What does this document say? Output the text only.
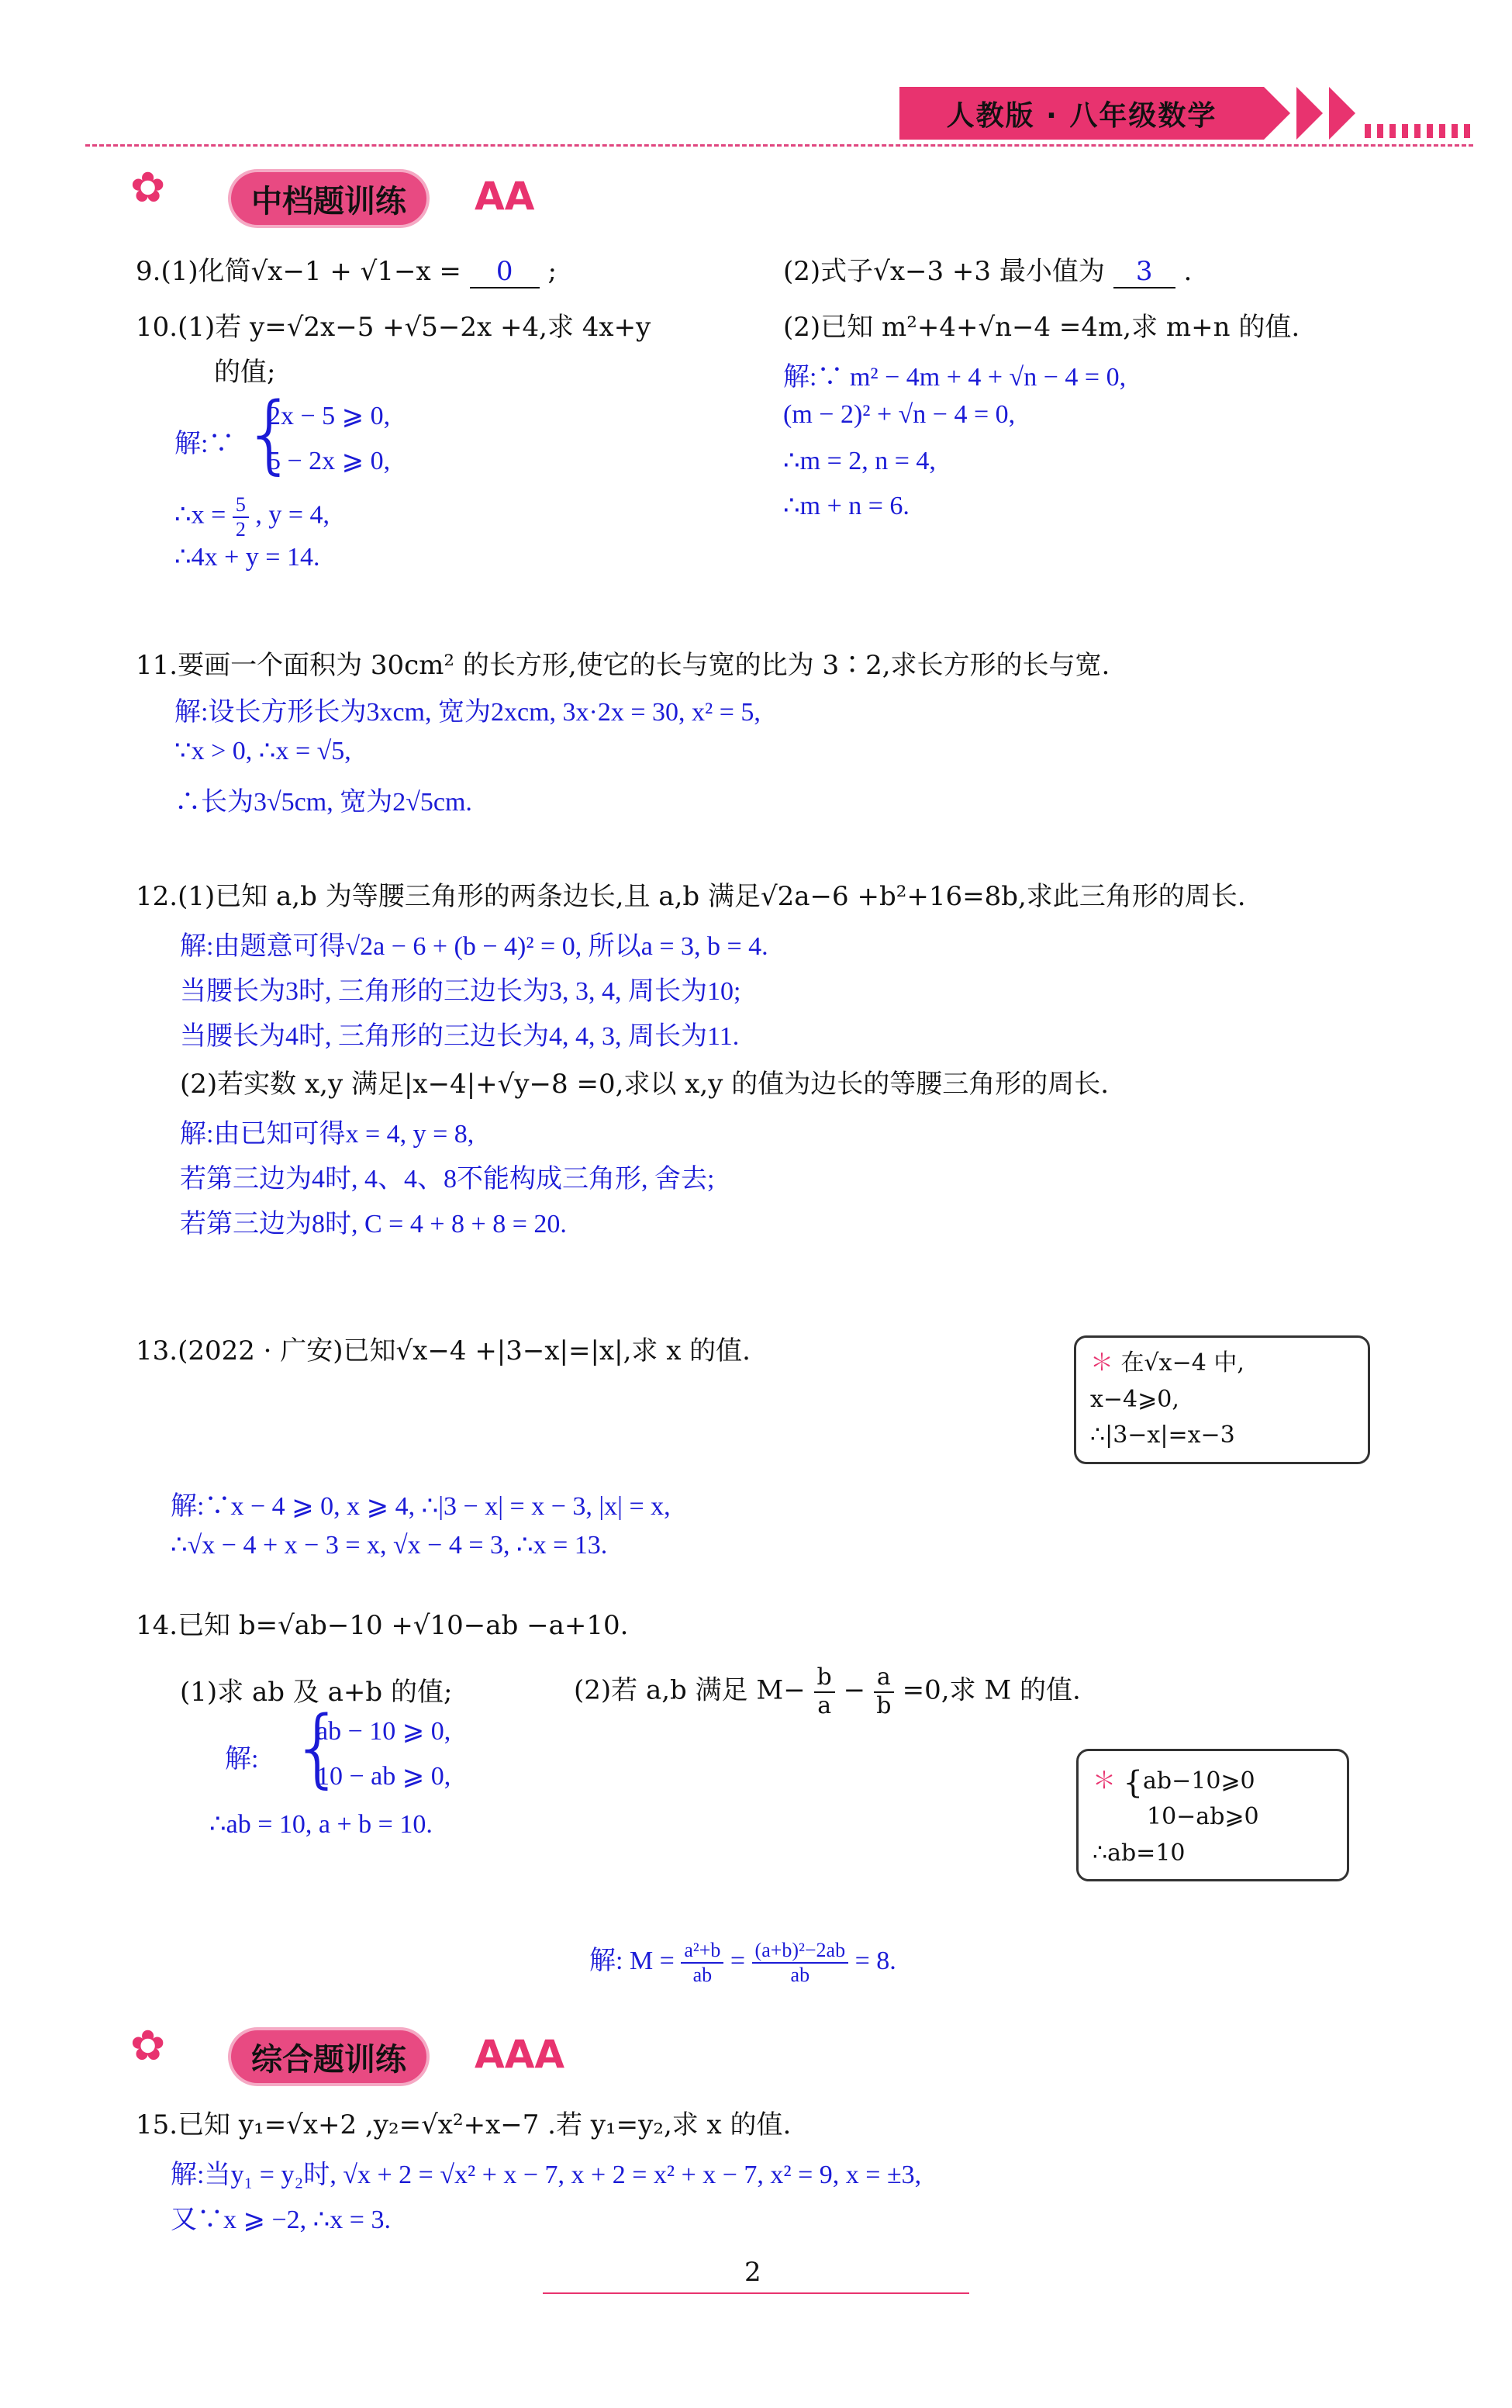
人教版 · 八年级数学
✿	中档题训练	AA
9.(1)化简√x−1 + √1−x = 0 ;	(2)式子√x−3 +3 最小值为 3 .
10.(1)若 y=√2x−5 +√5−2x +4,求 4x+y
的值;
解:∵ {
2x − 5 ⩾ 0,
5 − 2x ⩾ 0,
∴x = $\frac{5}{2}$ , y = 4,
∴4x + y = 14.
(2)已知 m²+4+√n−4 =4m,求 m+n 的值.
解:∵ m² − 4m + 4 + √n − 4 = 0,
(m − 2)² + √n − 4 = 0,
∴m = 2, n = 4,
∴m + n = 6.
11.要画一个面积为 30cm² 的长方形,使它的长与宽的比为 3∶2,求长方形的长与宽.
解:设长方形长为3xcm, 宽为2xcm, 3x·2x = 30, x² = 5,
∵x > 0, ∴x = √5,
∴长为3√5cm, 宽为2√5cm.
12.(1)已知 a,b 为等腰三角形的两条边长,且 a,b 满足√2a−6 +b²+16=8b,求此三角形的周长.
解:由题意可得√2a − 6 + (b − 4)² = 0, 所以a = 3, b = 4.
当腰长为3时, 三角形的三边长为3, 3, 4, 周长为10;
当腰长为4时, 三角形的三边长为4, 4, 3, 周长为11.
(2)若实数 x,y 满足|x−4|+√y−8 =0,求以 x,y 的值为边长的等腰三角形的周长.
解:由已知可得x = 4, y = 8,
若第三边为4时, 4、4、8不能构成三角形, 舍去;
若第三边为8时, C = 4 + 8 + 8 = 20.
13.(2022 · 广安)已知√x−4 +|3−x|=|x|,求 x 的值.	＊ 在√x−4 中,
x−4⩾0,
∴|3−x|=x−3
解:∵x − 4 ⩾ 0, x ⩾ 4, ∴|3 − x| = x − 3, |x| = x,
∴√x − 4 + x − 3 = x, √x − 4 = 3, ∴x = 13.
14.已知 b=√ab−10 +√10−ab −a+10.
(1)求 ab 及 a+b 的值;	(2)若 a,b 满足 $M- \frac{b}{a} - \frac{a}{b} =0$,求 M 的值.
解: {
ab − 10 ⩾ 0,
10 − ab ⩾ 0,
∴ab = 10, a + b = 10.
＊ {ab−10⩾0
10−ab⩾0
∴ab=10
解: $M = \frac{\text{a²+b}}{ab} = \frac{\text{(a+b)²−2ab}}{ab} = 8$.
✿	综合题训练	AAA
15.已知 y₁=√x+2 ,y₂=√x²+x−7 .若 y₁=y₂,求 x 的值.
解:当y₁ = y₂时, √x + 2 = √x² + x − 7, x + 2 = x² + x − 7, x² = 9, x = ±3,
又∵x ⩾ −2, ∴x = 3.
2
